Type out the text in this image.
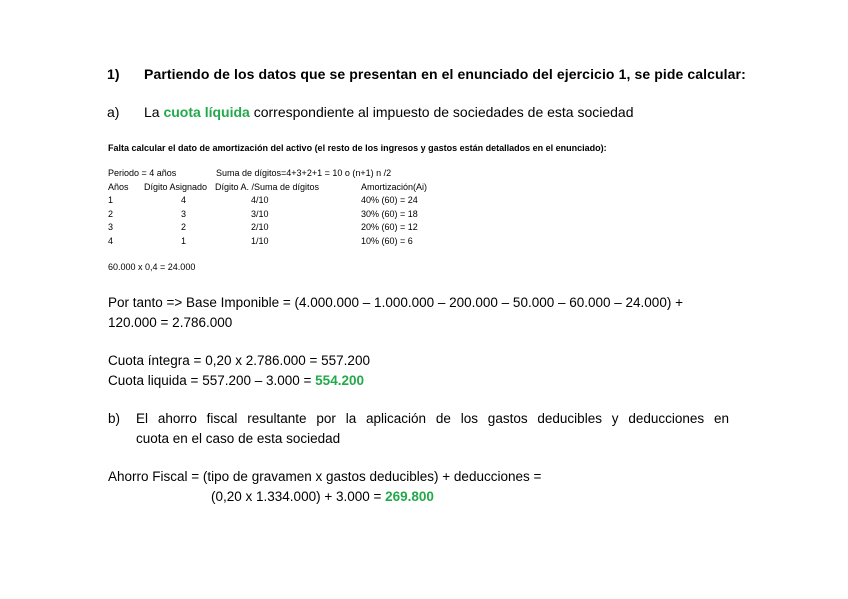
1) Partiendo de los datos que se presentan en el enunciado del ejercicio 1, se pide calcular:
a) La cuota líquida correspondiente al impuesto de sociedades de esta sociedad
Falta calcular el dato de amortización del activo (el resto de los ingresos y gastos están detallados en el enunciado):
Periodo = 4 años	Suma de dígitos=4+3+2+1 = 10 o (n+1) n /2
Años	Dígito Asignado	Dígito A. /Suma de dígitos	Amortización(Ai)
1	4	4/10	40% (60) = 24
2	3	3/10	30% (60) = 18
3	2	2/10	20% (60) = 12
4	1	1/10	10% (60) = 6
60.000 x 0,4 = 24.000
Por tanto => Base Imponible = (4.000.000 – 1.000.000 – 200.000 – 50.000 – 60.000 – 24.000) +
120.000 = 2.786.000
Cuota íntegra = 0,20 x 2.786.000 = 557.200
Cuota liquida = 557.200 – 3.000 = 554.200
b)	El ahorro fiscal resultante por la aplicación de los gastos deducibles y deducciones en
cuota en el caso de esta sociedad
Ahorro Fiscal = (tipo de gravamen x gastos deducibles) + deducciones =
(0,20 x 1.334.000) + 3.000 = 269.800
